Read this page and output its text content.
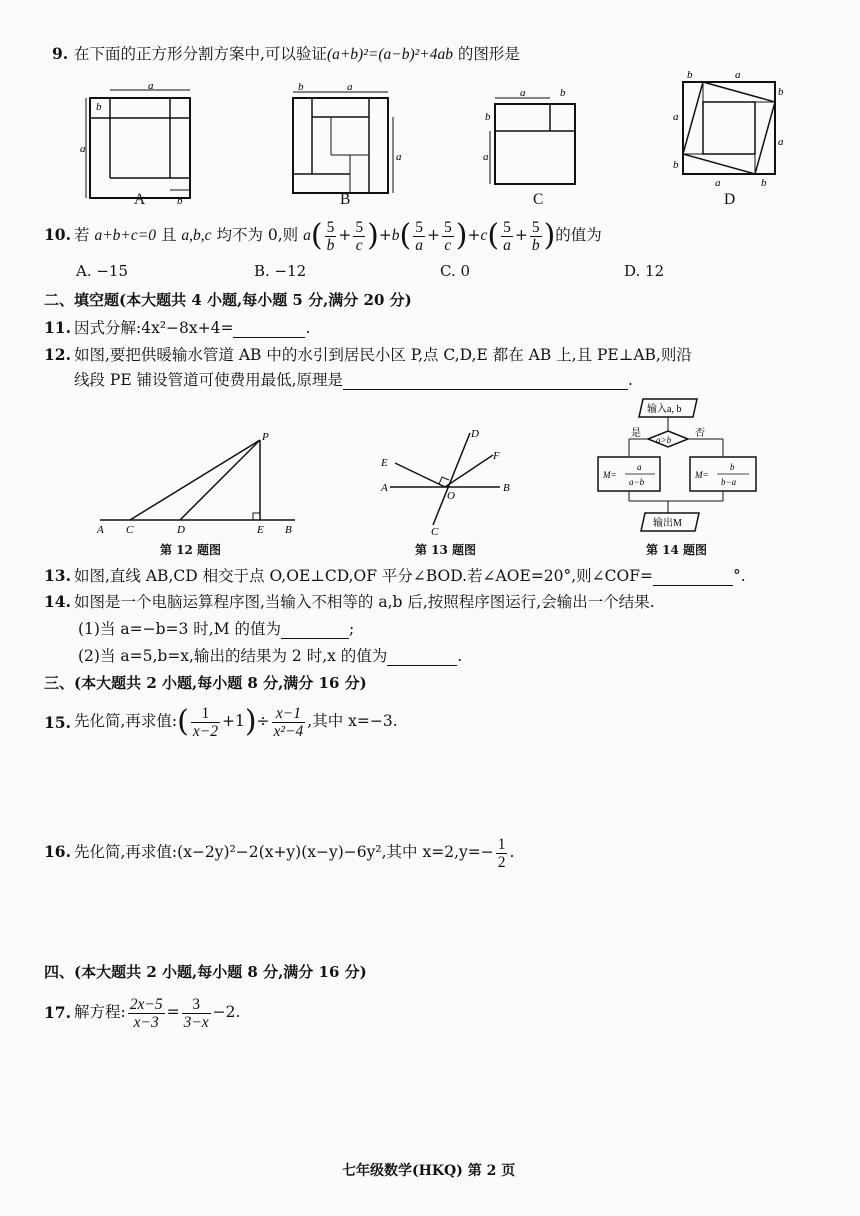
9. 在下面的正方形分割方案中,可以验证(a+b)²=(a−b)²+4ab 的图形是
a
a
b
b
A
b	a
a
B
a	b
b
a
C
b	a
b
a
a
b
a	b
D
10. 若 a+b+c=0 且 a,b,c 均不为 0,则 $a( \frac{5}{b} + \frac{5}{c} )+b( \frac{5}{a} + \frac{5}{c} )+c( \frac{5}{a} + \frac{5}{b}$ )的值为
A. −15	B. −12	C. 0	D. 12
二、填空题(本大题共 4 小题,每小题 5 分,满分 20 分)
11. 因式分解:4x²−8x+4=	.
12. 如图,要把供暖输水管道 AB 中的水引到居民小区 P,点 C,D,E 都在 AB 上,且 PE⊥AB,则沿
线段 PE 铺设管道可使费用最低,原理是	.
A C	D	E B
P
第 12 题图
D
E
F
A
O
B
C
第 13 题图
输入a, b
a>b
是	否
M=
a
a−b
M=
b
b−a
输出M
第 14 题图
13. 如图,直线 AB,CD 相交于点 O,OE⊥CD,OF 平分∠BOD.若∠AOE=20°,则∠COF=	°.
14. 如图是一个电脑运算程序图,当输入不相等的 a,b 后,按照程序图运行,会输出一个结果.
(1)当 a=−b=3 时,M 的值为	;
(2)当 a=5,b=x,输出的结果为 2 时,x 的值为	.
三、(本大题共 2 小题,每小题 8 分,满分 16 分)
15. 先化简,再求值:( $\frac{1}{x-2} +1)\div \frac{x-1}{\text{x²−4}}$ ,其中 x=−3.
16. 先化简,再求值:(x−2y)²−2(x+y)(x−y)−6y²,其中 $x=2,y=- \frac{1}{2}$ .
四、(本大题共 2 小题,每小题 8 分,满分 16 分)
17. 解方程: $\frac{2x-5}{x-3} = \frac{3}{3-x} -2$.
七年级数学(HKQ) 第 2 页
